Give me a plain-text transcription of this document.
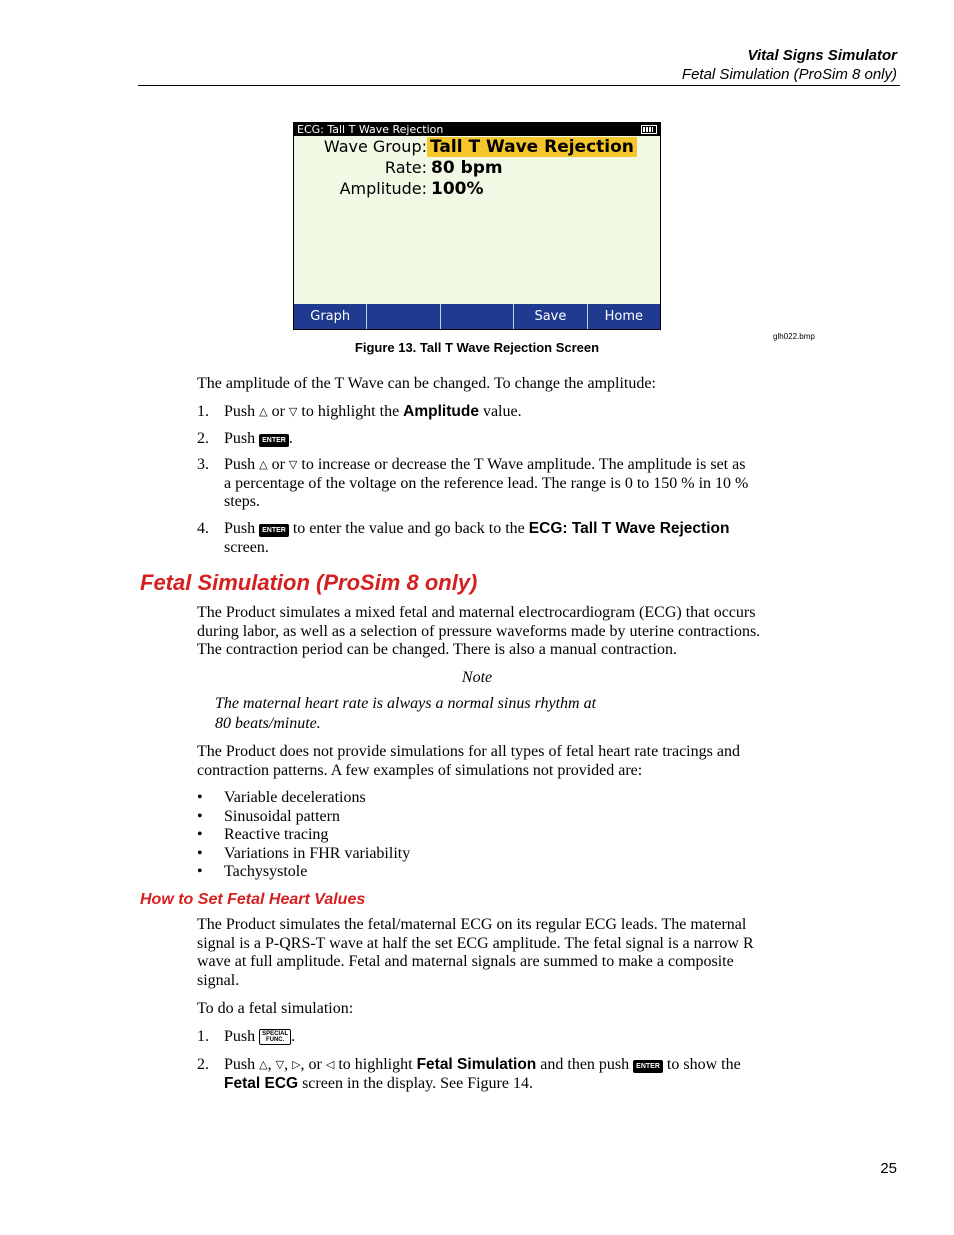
Vital Signs Simulator
Fetal Simulation (ProSim 8 only)
ECG: Tall T Wave Rejection
Wave Group: Tall T Wave Rejection
Rate: 80 bpm
Amplitude: 100%
Graph	Save	Home
glh022.bmp
Figure 13. Tall T Wave Rejection Screen
The amplitude of the T Wave can be changed. To change the amplitude:
1. Push △ or ▽ to highlight the Amplitude value.
2. Push ENTER .
3. Push △ or ▽ to increase or decrease the T Wave amplitude. The amplitude is set as
a percentage of the voltage on the reference lead. The range is 0 to 150 % in 10 %
steps.
4. Push ENTER to enter the value and go back to the ECG: Tall T Wave Rejection
screen.
Fetal Simulation (ProSim 8 only)
The Product simulates a mixed fetal and maternal electrocardiogram (ECG) that occurs
during labor, as well as a selection of pressure waveforms made by uterine contractions.
The contraction period can be changed. There is also a manual contraction.
Note
The maternal heart rate is always a normal sinus rhythm at
80 beats/minute.
The Product does not provide simulations for all types of fetal heart rate tracings and
contraction patterns. A few examples of simulations not provided are:
• Variable decelerations
• Sinusoidal pattern
• Reactive tracing
• Variations in FHR variability
• Tachysystole
How to Set Fetal Heart Values
The Product simulates the fetal/maternal ECG on its regular ECG leads. The maternal
signal is a P-QRS-T wave at half the set ECG amplitude. The fetal signal is a narrow R
wave at full amplitude. Fetal and maternal signals are summed to make a composite
signal.
To do a fetal simulation:
1. Push SPECIAL
FUNC. .
2. Push △, ▽, ▷, or ◁ to highlight Fetal Simulation and then push ENTER to show the
Fetal ECG screen in the display. See Figure 14.
25
